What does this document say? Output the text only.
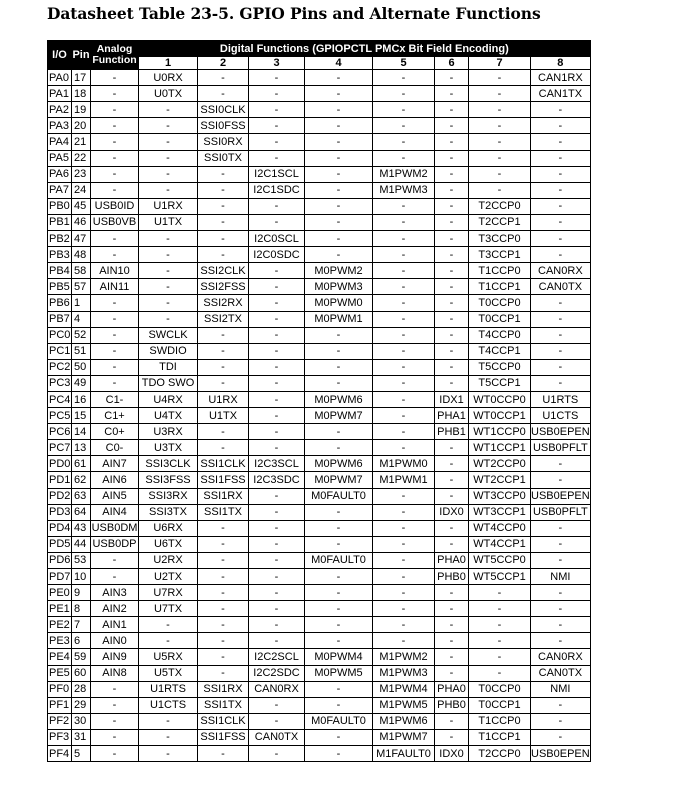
Datasheet Table 23-5. GPIO Pins and Alternate Functions
I/O	Pin	Analog Function	Digital Functions (GPIOPCTL PMCx Bit Field Encoding)							
			1	2	3	4	5	6	7	8
PA0	17	-	U0RX	-	-	-	-	-	-	CAN1RX
PA1	18	-	U0TX	-	-	-	-	-	-	CAN1TX
PA2	19	-	-	SSI0CLK	-	-	-	-	-	-
PA3	20	-	-	SSI0FSS	-	-	-	-	-	-
PA4	21	-	-	SSI0RX	-	-	-	-	-	-
PA5	22	-	-	SSI0TX	-	-	-	-	-	-
PA6	23	-	-	-	I2C1SCL	-	M1PWM2	-	-	-
PA7	24	-	-	-	I2C1SDC	-	M1PWM3	-	-	-
PB0	45	USB0ID	U1RX	-	-	-	-	-	T2CCP0	-
PB1	46	USB0VB	U1TX	-	-	-	-	-	T2CCP1	-
PB2	47	-	-	-	I2C0SCL	-	-	-	T3CCP0	-
PB3	48	-	-	-	I2C0SDC	-	-	-	T3CCP1	-
PB4	58	AIN10	-	SSI2CLK	-	M0PWM2	-	-	T1CCP0	CAN0RX
PB5	57	AIN11	-	SSI2FSS	-	M0PWM3	-	-	T1CCP1	CAN0TX
PB6	1	-	-	SSI2RX	-	M0PWM0	-	-	T0CCP0	-
PB7	4	-	-	SSI2TX	-	M0PWM1	-	-	T0CCP1	-
PC0	52	-	SWCLK	-	-	-	-	-	T4CCP0	-
PC1	51	-	SWDIO	-	-	-	-	-	T4CCP1	-
PC2	50	-	TDI	-	-	-	-	-	T5CCP0	-
PC3	49	-	TDO SWO	-	-	-	-	-	T5CCP1	-
PC4	16	C1-	U4RX	U1RX	-	M0PWM6	-	IDX1	WT0CCP0	U1RTS
PC5	15	C1+	U4TX	U1TX	-	M0PWM7	-	PHA1	WT0CCP1	U1CTS
PC6	14	C0+	U3RX	-	-	-	-	PHB1	WT1CCP0	USB0EPEN
PC7	13	C0-	U3TX	-	-	-	-	-	WT1CCP1	USB0PFLT
PD0	61	AIN7	SSI3CLK	SSI1CLK	I2C3SCL	M0PWM6	M1PWM0	-	WT2CCP0	-
PD1	62	AIN6	SSI3FSS	SSI1FSS	I2C3SDC	M0PWM7	M1PWM1	-	WT2CCP1	-
PD2	63	AIN5	SSI3RX	SSI1RX	-	M0FAULT0	-	-	WT3CCP0	USB0EPEN
PD3	64	AIN4	SSI3TX	SSI1TX	-	-	-	IDX0	WT3CCP1	USB0PFLT
PD4	43	USB0DM	U6RX	-	-	-	-	-	WT4CCP0	-
PD5	44	USB0DP	U6TX	-	-	-	-	-	WT4CCP1	-
PD6	53	-	U2RX	-	-	M0FAULT0	-	PHA0	WT5CCP0	-
PD7	10	-	U2TX	-	-	-	-	PHB0	WT5CCP1	NMI
PE0	9	AIN3	U7RX	-	-	-	-	-	-	-
PE1	8	AIN2	U7TX	-	-	-	-	-	-	-
PE2	7	AIN1	-	-	-	-	-	-	-	-
PE3	6	AIN0	-	-	-	-	-	-	-	-
PE4	59	AIN9	U5RX	-	I2C2SCL	M0PWM4	M1PWM2	-	-	CAN0RX
PE5	60	AIN8	U5TX	-	I2C2SDC	M0PWM5	M1PWM3	-	-	CAN0TX
PF0	28	-	U1RTS	SSI1RX	CAN0RX	-	M1PWM4	PHA0	T0CCP0	NMI
PF1	29	-	U1CTS	SSI1TX	-	-	M1PWM5	PHB0	T0CCP1	-
PF2	30	-	-	SSI1CLK	-	M0FAULT0	M1PWM6	-	T1CCP0	-
PF3	31	-	-	SSI1FSS	CAN0TX	-	M1PWM7	-	T1CCP1	-
PF4	5	-	-	-	-	-	M1FAULT0	IDX0	T2CCP0	USB0EPEN
